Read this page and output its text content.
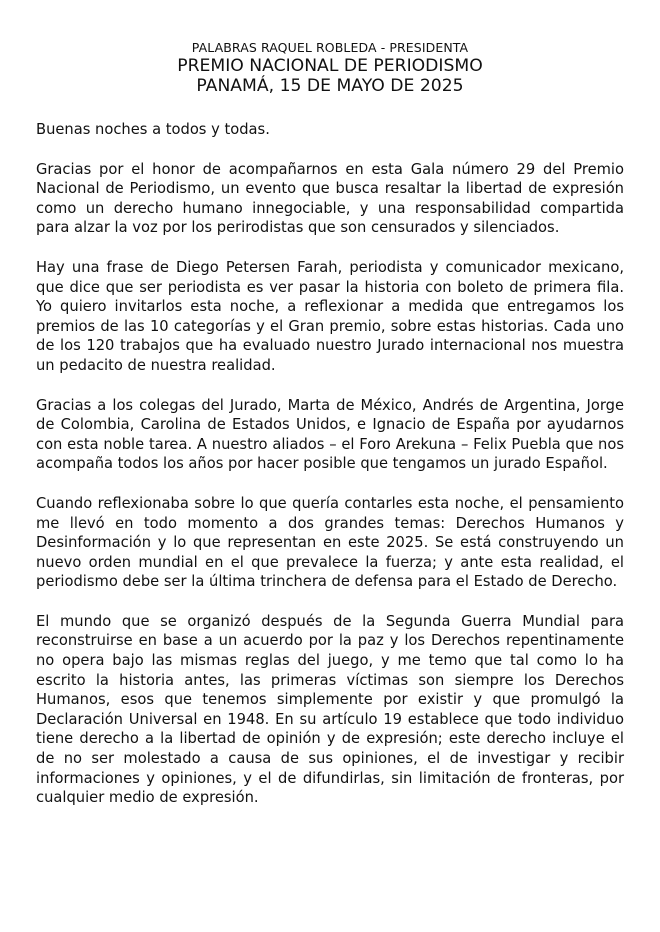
PALABRAS RAQUEL ROBLEDA - PRESIDENTA
PREMIO NACIONAL DE PERIODISMO
PANAMÁ, 15 DE MAYO DE 2025

Buenas noches a todos y todas.

Gracias por el honor de acompañarnos en esta Gala número 29 del Premio Nacional de Periodismo, un evento que busca resaltar la libertad de expresión como un derecho humano innegociable, y una responsabilidad compartida para alzar la voz por los perirodistas que son censurados y silenciados.

Hay una frase de Diego Petersen Farah, periodista y comunicador mexicano, que dice que ser periodista es ver pasar la historia con boleto de primera fila. Yo quiero invitarlos esta noche, a reflexionar a medida que entregamos los premios de las 10 categorías y el Gran premio, sobre estas historias. Cada uno de los 120 trabajos que ha evaluado nuestro Jurado internacional nos muestra un pedacito de nuestra realidad.

Gracias a los colegas del Jurado, Marta de México, Andrés de Argentina, Jorge de Colombia, Carolina de Estados Unidos, e Ignacio de España por ayudarnos con esta noble tarea. A nuestro aliados – el Foro Arekuna – Felix Puebla que nos acompaña todos los años por hacer posible que tengamos un jurado Español.

Cuando reflexionaba sobre lo que quería contarles esta noche, el pensamiento me llevó en todo momento a dos grandes temas: Derechos Humanos y Desinformación y lo que representan en este 2025. Se está construyendo un nuevo orden mundial en el que prevalece la fuerza; y ante esta realidad, el periodismo debe ser la última trinchera de defensa para el Estado de Derecho.

El mundo que se organizó después de la Segunda Guerra Mundial para reconstruirse en base a un acuerdo por la paz y los Derechos repentinamente no opera bajo las mismas reglas del juego, y me temo que tal como lo ha escrito la historia antes, las primeras víctimas son siempre los Derechos Humanos, esos que tenemos simplemente por existir y que promulgó la Declaración Universal en 1948. En su artículo 19 establece que todo individuo tiene derecho a la libertad de opinión y de expresión; este derecho incluye el de no ser molestado a causa de sus opiniones, el de investigar y recibir informaciones y opiniones, y el de difundirlas, sin limitación de fronteras, por cualquier medio de expresión.
